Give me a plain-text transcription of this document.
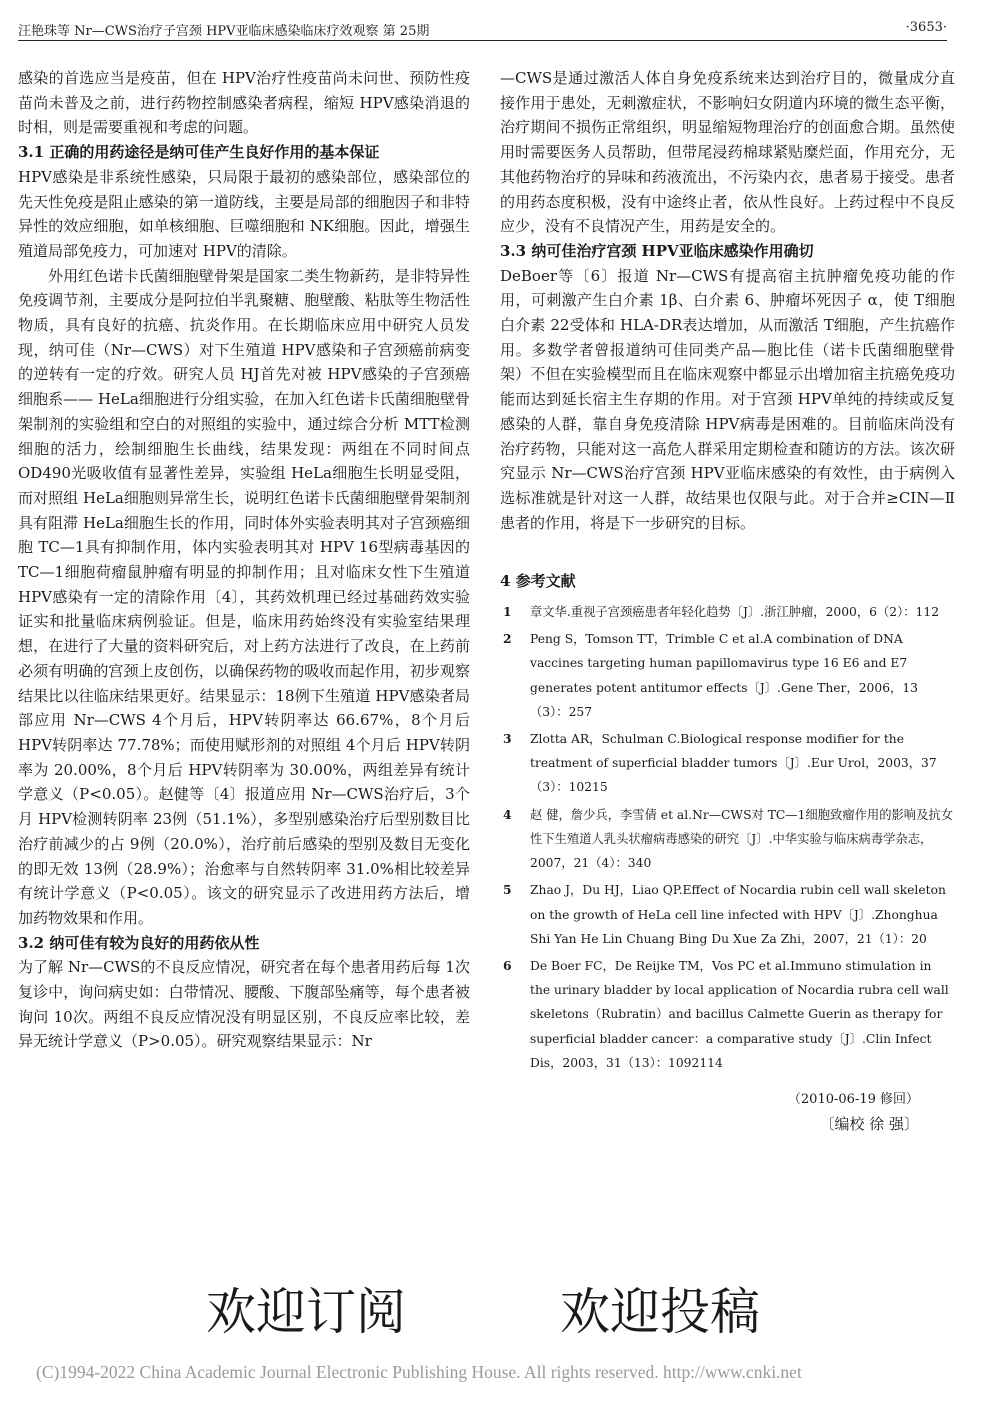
汪艳珠等 Nr—CWS治疗子宫颈 HPV亚临床感染临床疗效观察 第 25期	·3653·

感染的首选应当是疫苗，但在 HPV治疗性疫苗尚未问世、预防性疫苗尚未普及之前，进行药物控制感染者病程，缩短 HPV感染消退的时相，则是需要重视和考虑的问题。

3.1 正确的用药途径是纳可佳产生良好作用的基本保证

HPV感染是非系统性感染，只局限于最初的感染部位，感染部位的先天性免疫是阻止感染的第一道防线，主要是局部的细胞因子和非特异性的效应细胞，如单核细胞、巨噬细胞和 NK细胞。因此，增强生殖道局部免疫力，可加速对 HPV的清除。

外用红色诺卡氏菌细胞壁骨架是国家二类生物新药，是非特异性免疫调节剂，主要成分是阿拉伯半乳聚糖、胞壁酸、粘肽等生物活性物质，具有良好的抗癌、抗炎作用。在长期临床应用中研究人员发现，纳可佳（Nr—CWS）对下生殖道 HPV感染和子宫颈癌前病变的逆转有一定的疗效。研究人员 HJ首先对被 HPV感染的子宫颈癌细胞系—— HeLa细胞进行分组实验，在加入红色诺卡氏菌细胞壁骨架制剂的实验组和空白的对照组的实验中，通过综合分析 MTT检测细胞的活力，绘制细胞生长曲线，结果发现：两组在不同时间点 OD490光吸收值有显著性差异，实验组 HeLa细胞生长明显受阻，而对照组 HeLa细胞则异常生长，说明红色诺卡氏菌细胞壁骨架制剂具有阻滞 HeLa细胞生长的作用，同时体外实验表明其对子宫颈癌细胞 TC—1具有抑制作用，体内实验表明其对 HPV 16型病毒基因的 TC—1细胞荷瘤鼠肿瘤有明显的抑制作用；且对临床女性下生殖道 HPV感染有一定的清除作用〔4〕，其药效机理已经过基础药效实验证实和批量临床病例验证。但是，临床用药始终没有实验室结果理想，在进行了大量的资料研究后，对上药方法进行了改良，在上药前必须有明确的宫颈上皮创伤，以确保药物的吸收而起作用，初步观察结果比以往临床结果更好。结果显示：18例下生殖道 HPV感染者局部应用 Nr—CWS 4个月后，HPV转阴率达 66.67%，8个月后 HPV转阴率达 77.78%；而使用赋形剂的对照组 4个月后 HPV转阴率为 20.00%，8个月后 HPV转阴率为 30.00%，两组差异有统计学意义（P<0.05）。赵健等〔4〕报道应用 Nr—CWS治疗后，3个月 HPV检测转阴率 23例（51.1%），多型别感染治疗后型别数目比治疗前减少的占 9例（20.0%），治疗前后感染的型别及数目无变化的即无效 13例（28.9%）；治愈率与自然转阴率 31.0%相比较差异有统计学意义（P<0.05）。该文的研究显示了改进用药方法后，增加药物效果和作用。

3.2 纳可佳有较为良好的用药依从性

为了解 Nr—CWS的不良反应情况，研究者在每个患者用药后每 1次复诊中，询问病史如：白带情况、腰酸、下腹部坠痛等，每个患者被询问 10次。两组不良反应情况没有明显区别，不良反应率比较，差异无统计学意义（P>0.05）。研究观察结果显示：Nr

—CWS是通过激活人体自身免疫系统来达到治疗目的，微量成分直接作用于患处，无刺激症状，不影响妇女阴道内环境的微生态平衡，治疗期间不损伤正常组织，明显缩短物理治疗的创面愈合期。虽然使用时需要医务人员帮助，但带尾浸药棉球紧贴糜烂面，作用充分，无其他药物治疗的异味和药液流出，不污染内衣，患者易于接受。患者的用药态度积极，没有中途终止者，依从性良好。上药过程中不良反应少，没有不良情况产生，用药是安全的。

3.3 纳可佳治疗宫颈 HPV亚临床感染作用确切

DeBoer等〔6〕报道 Nr—CWS有提高宿主抗肿瘤免疫功能的作用，可刺激产生白介素 1β、白介素 6、肿瘤坏死因子 α，使 T细胞白介素 22受体和 HLA-DR表达增加，从而激活 T细胞，产生抗癌作用。多数学者曾报道纳可佳同类产品—胞比佳（诺卡氏菌细胞壁骨架）不但在实验模型而且在临床观察中都显示出增加宿主抗癌免疫功能而达到延长宿主生存期的作用。对于宫颈 HPV单纯的持续或反复感染的人群，靠自身免疫清除 HPV病毒是困难的。目前临床尚没有治疗药物，只能对这一高危人群采用定期检查和随访的方法。该次研究显示 Nr—CWS治疗宫颈 HPV亚临床感染的有效性，由于病例入选标准就是针对这一人群，故结果也仅限与此。对于合并≥CIN—Ⅱ患者的作用，将是下一步研究的目标。

4 参考文献
1 章文华.重视子宫颈癌患者年轻化趋势〔J〕.浙江肿瘤，2000，6（2）：112
2 Peng S，Tomson TT，Trimble C et al.A combination of DNA vaccines targeting human papillomavirus type 16 E6 and E7 generates potent antitumor effects〔J〕.Gene Ther，2006，13（3）：257
3 Zlotta AR，Schulman C.Biological response modifier for the treatment of superficial bladder tumors〔J〕.Eur Urol，2003，37（3）：10215
4 赵 健，詹少兵，李雪倩 et al.Nr—CWS对 TC—1细胞致瘤作用的影响及抗女性下生殖道人乳头状瘤病毒感染的研究〔J〕.中华实验与临床病毒学杂志，2007，21（4）：340
5 Zhao J，Du HJ，Liao QP.Effect of Nocardia rubin cell wall skeleton on the growth of HeLa cell line infected with HPV〔J〕.Zhonghua Shi Yan He Lin Chuang Bing Du Xue Za Zhi，2007，21（1）：20
6 De Boer FC，De Reijke TM，Vos PC et al.Immuno stimulation in the urinary bladder by local application of Nocardia rubra cell wall skeletons（Rubratin）and bacillus Calmette Guerin as therapy for superficial bladder cancer：a comparative study〔J〕.Clin Infect Dis，2003，31（13）：1092114
（2010-06-19 修回）
〔编校 徐 强〕
欢迎订阅	欢迎投稿
(C)1994-2022 China Academic Journal Electronic Publishing House. All rights reserved. http://www.cnki.net
